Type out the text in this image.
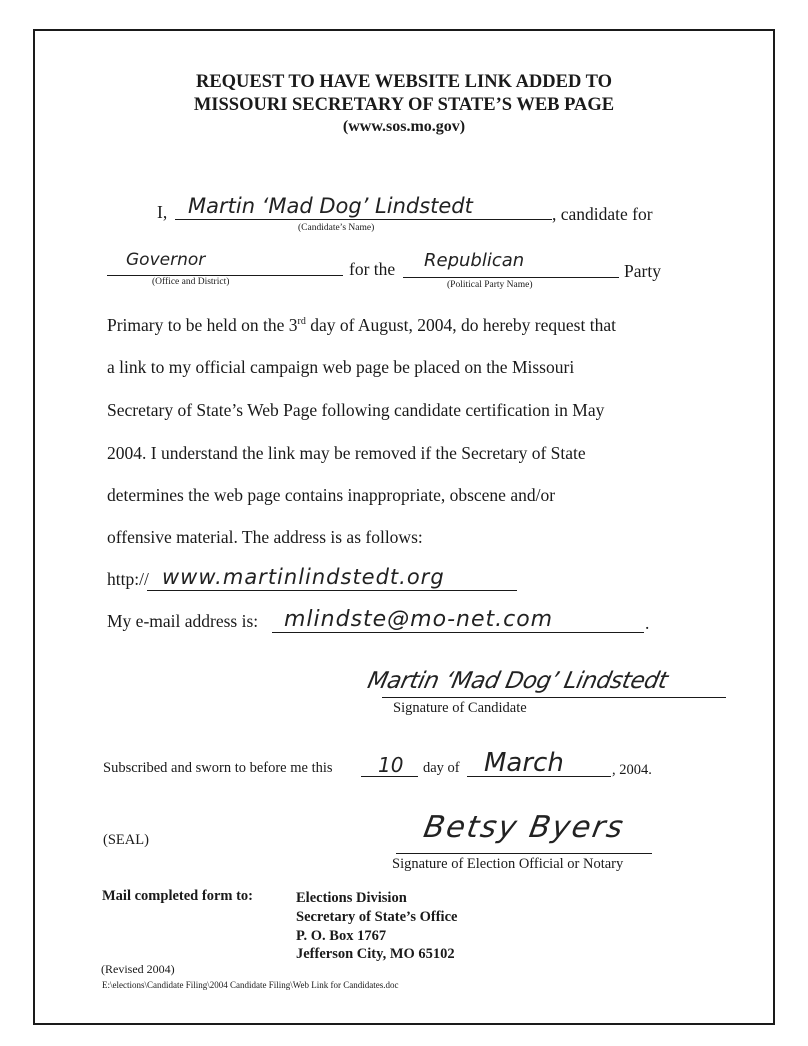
REQUEST TO HAVE WEBSITE LINK ADDED TO
MISSOURI SECRETARY OF STATE’S WEB PAGE
(www.sos.mo.gov)
I, Martin ‘Mad Dog’ Lindstedt
(Candidate’s Name)
, candidate for
Governor
(Office and District)
for the Republican
(Political Party Name)
Party
Primary to be held on the 3rd day of August, 2004, do hereby request that
a link to my official campaign web page be placed on the Missouri
Secretary of State’s Web Page following candidate certification in May
2004. I understand the link may be removed if the Secretary of State
determines the web page contains inappropriate, obscene and/or
offensive material. The address is as follows:
http:// www.martinlindstedt.org
My e-mail address is: mlindste@mo-net.com	.
Martin ‘Mad Dog’ Lindstedt
Signature of Candidate
Subscribed and sworn to before me this 10 day of March	, 2004.
(SEAL)	Betsy Byers
Signature of Election Official or Notary
Mail completed form to:	Elections Division
Secretary of State’s Office
P. O. Box 1767
Jefferson City, MO 65102
(Revised 2004)
E:\elections\Candidate Filing\2004 Candidate Filing\Web Link for Candidates.doc
